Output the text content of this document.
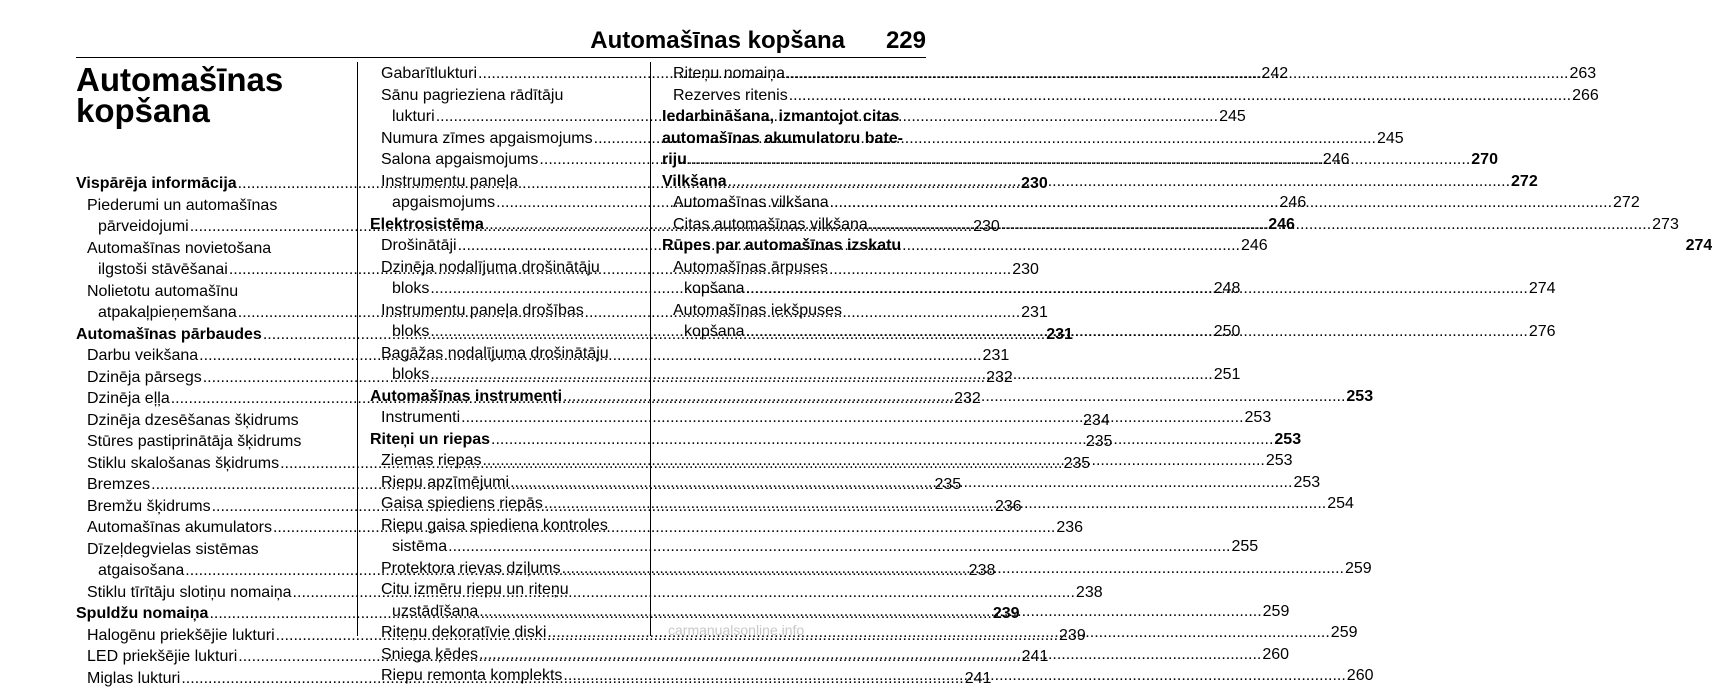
Automašīnas kopšana 229
Automašīnas
kopšana
Vispārēja informācija .....	230
Piederumi un automašīnas
pārveidojumi .....	230
Automašīnas novietošana
ilgstoši stāvēšanai .....	230
Nolietotu automašīnu
atpakaļpieņemšana .....	231
Automašīnas pārbaudes .....	231
Darbu veikšana .....	231
Dzinēja pārsegs .....	232
Dzinēja eļļa .....	232
Dzinēja dzesēšanas šķidrums	234
Stūres pastiprinātāja šķidrums	235
Stiklu skalošanas šķidrums .....	235
Bremzes .....	235
Bremžu šķidrums .....	236
Automašīnas akumulators .....	236
Dīzeļdegvielas sistēmas
atgaisošana .....	238
Stiklu tīrītāju slotiņu nomaiņa .....	238
Spuldžu nomaiņa .....	239
Halogēnu priekšējie lukturi .....	239
LED priekšējie lukturi .....	241
Miglas lukturi .....	241
Gabarītlukturi .....	242
Sānu pagrieziena rādītāju
lukturi .....	245
Numura zīmes apgaismojums .....	245
Salona apgaismojums .....	246
Instrumentu paneļa
apgaismojums .....	246
Elektrosistēma .....	246
Drošinātāji .....	246
Dzinēja nodalījuma drošinātāju
bloks .....	248
Instrumentu paneļa drošības
bloks .....	250
Bagāžas nodalījuma drošinātāju
bloks .....	251
Automašīnas instrumenti .....	253
Instrumenti .....	253
Riteņi un riepas .....	253
Ziemas riepas .....	253
Riepu apzīmējumi .....	253
Gaisa spiediens riepās .....	254
Riepu gaisa spiediena kontroles
sistēma .....	255
Protektora rievas dziļums .....	259
Citu izmēru riepu un riteņu
uzstādīšana .....	259
Riteņu dekoratīvie diski .....	259
Sniega ķēdes .....	260
Riepu remonta komplekts .....	260
Riteņu nomaiņa .....	263
Rezerves ritenis .....	266
Iedarbināšana, izmantojot citas
automašīnas akumulatoru bate-
riju .....	270
Vilkšana .....	272
Automašīnas vilkšana .....	272
Citas automašīnas vilkšana .....	273
Rūpes par automašīnas izskatu	274
Automašīnas ārpuses
kopšana .....	274
Automašīnas iekšpuses
kopšana .....	276
carmanualsonline.info
